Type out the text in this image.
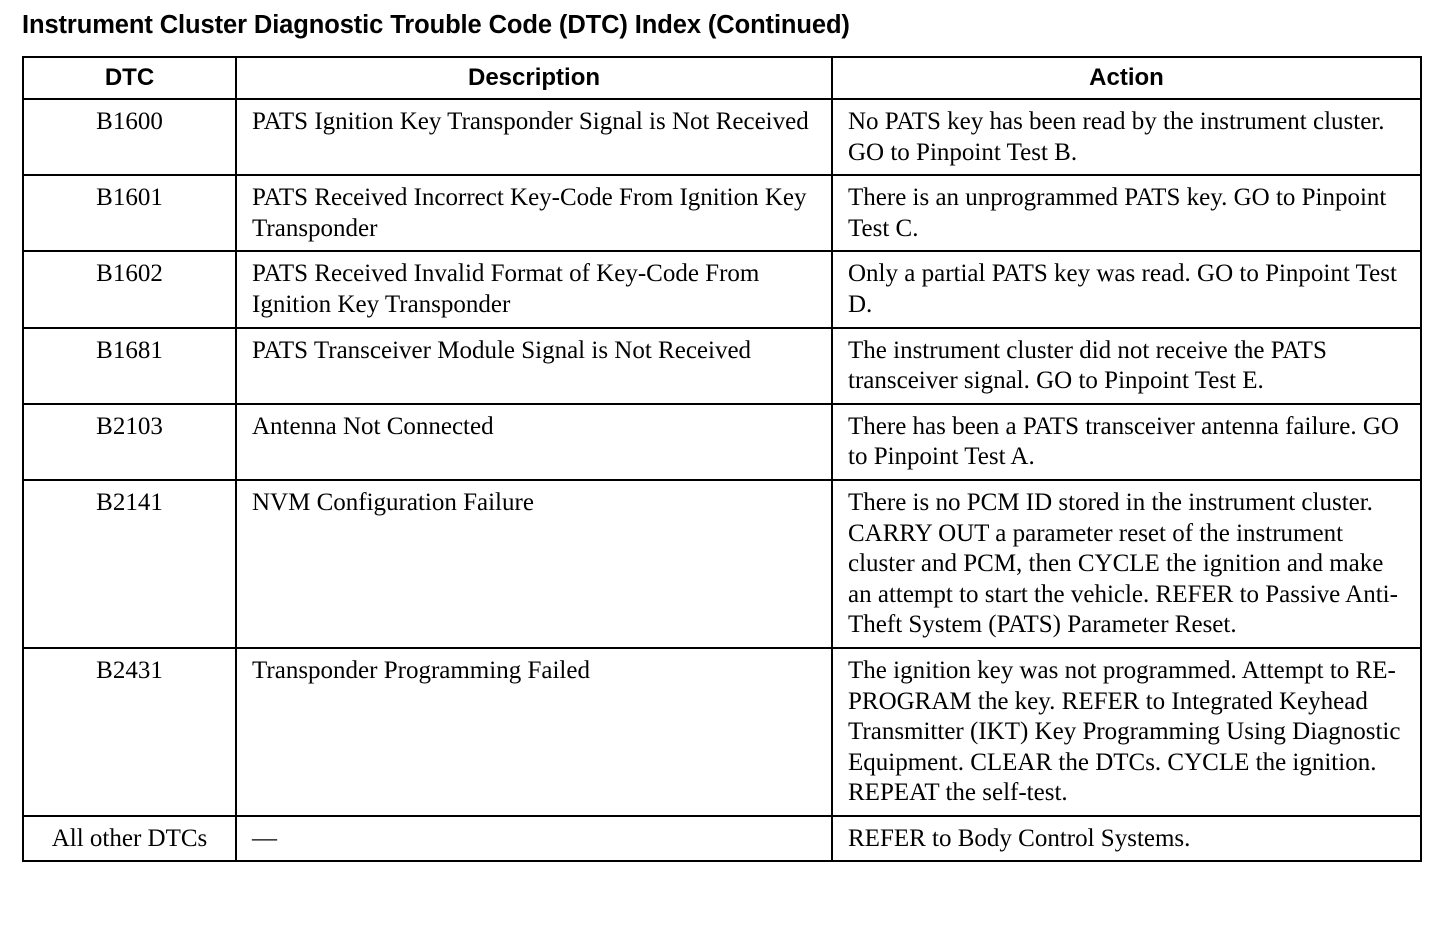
Instrument Cluster Diagnostic Trouble Code (DTC) Index (Continued)
DTC	Description	Action
B1600	PATS Ignition Key Transponder Signal is Not Received	No PATS key has been read by the instrument cluster. GO to Pinpoint Test B.
B1601	PATS Received Incorrect Key-Code From Ignition Key Transponder	There is an unprogrammed PATS key. GO to Pinpoint Test C.
B1602	PATS Received Invalid Format of Key-Code From Ignition Key Transponder	Only a partial PATS key was read. GO to Pinpoint Test D.
B1681	PATS Transceiver Module Signal is Not Received	The instrument cluster did not receive the PATS transceiver signal. GO to Pinpoint Test E.
B2103	Antenna Not Connected	There has been a PATS transceiver antenna failure. GO to Pinpoint Test A.
B2141	NVM Configuration Failure	There is no PCM ID stored in the instrument cluster. CARRY OUT a parameter reset of the instrument cluster and PCM, then CYCLE the ignition and make an attempt to start the vehicle. REFER to Passive Anti-Theft System (PATS) Parameter Reset.
B2431	Transponder Programming Failed	The ignition key was not programmed. Attempt to RE-PROGRAM the key. REFER to Integrated Keyhead Transmitter (IKT) Key Programming Using Diagnostic Equipment. CLEAR the DTCs. CYCLE the ignition. REPEAT the self-test.
All other DTCs	—	REFER to Body Control Systems.
